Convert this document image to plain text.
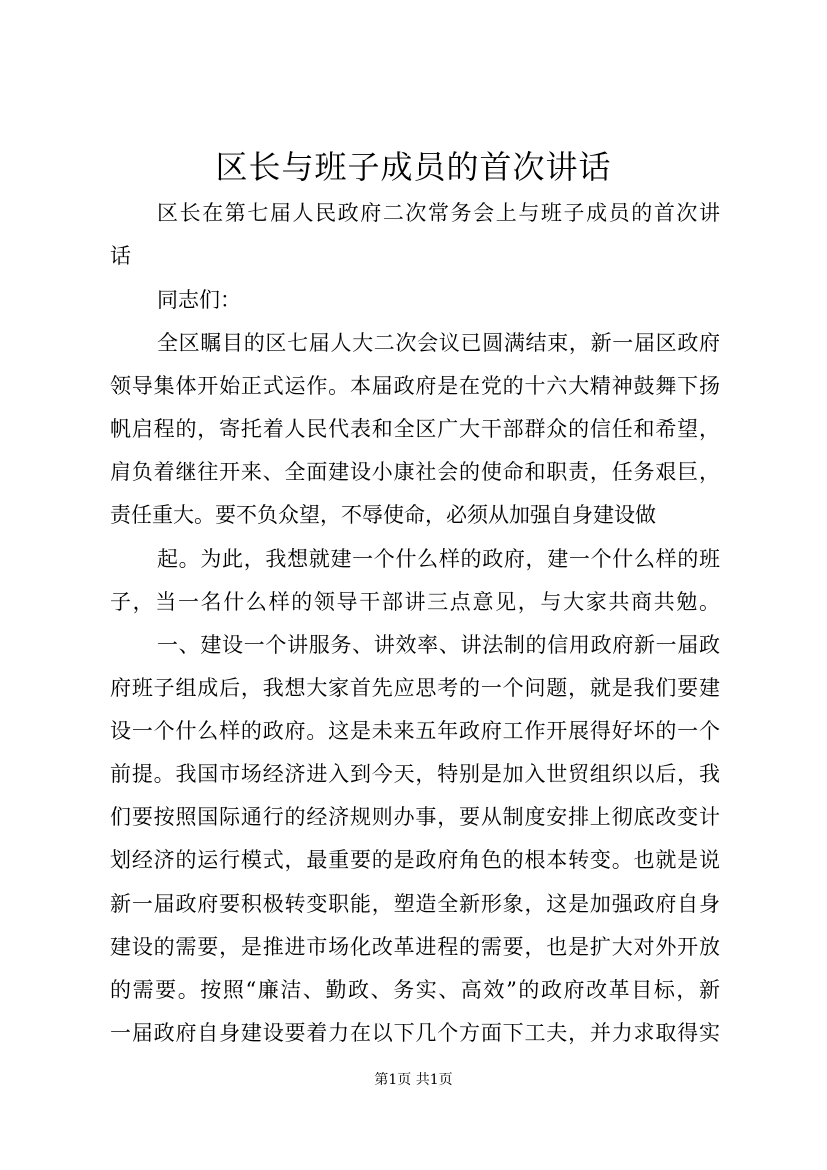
区长与班子成员的首次讲话
区长在第七届人民政府二次常务会上与班子成员的首次讲
话
同志们：
全区瞩目的区七届人大二次会议已圆满结束，新一届区政府
领导集体开始正式运作。本届政府是在党的十六大精神鼓舞下扬
帆启程的，寄托着人民代表和全区广大干部群众的信任和希望，
肩负着继往开来、全面建设小康社会的使命和职责，任务艰巨，
责任重大。要不负众望，不辱使命，必须从加强自身建设做
起。为此，我想就建一个什么样的政府，建一个什么样的班
子，当一名什么样的领导干部讲三点意见，与大家共商共勉。
一、建设一个讲服务、讲效率、讲法制的信用政府新一届政
府班子组成后，我想大家首先应思考的一个问题，就是我们要建
设一个什么样的政府。这是未来五年政府工作开展得好坏的一个
前提。我国市场经济进入到今天，特别是加入世贸组织以后，我
们要按照国际通行的经济规则办事，要从制度安排上彻底改变计
划经济的运行模式，最重要的是政府角色的根本转变。也就是说
新一届政府要积极转变职能，塑造全新形象，这是加强政府自身
建设的需要，是推进市场化改革进程的需要，也是扩大对外开放
的需要。按照“廉洁、勤政、务实、高效”的政府改革目标，新
一届政府自身建设要着力在以下几个方面下工夫，并力求取得实
第1页 共1页
